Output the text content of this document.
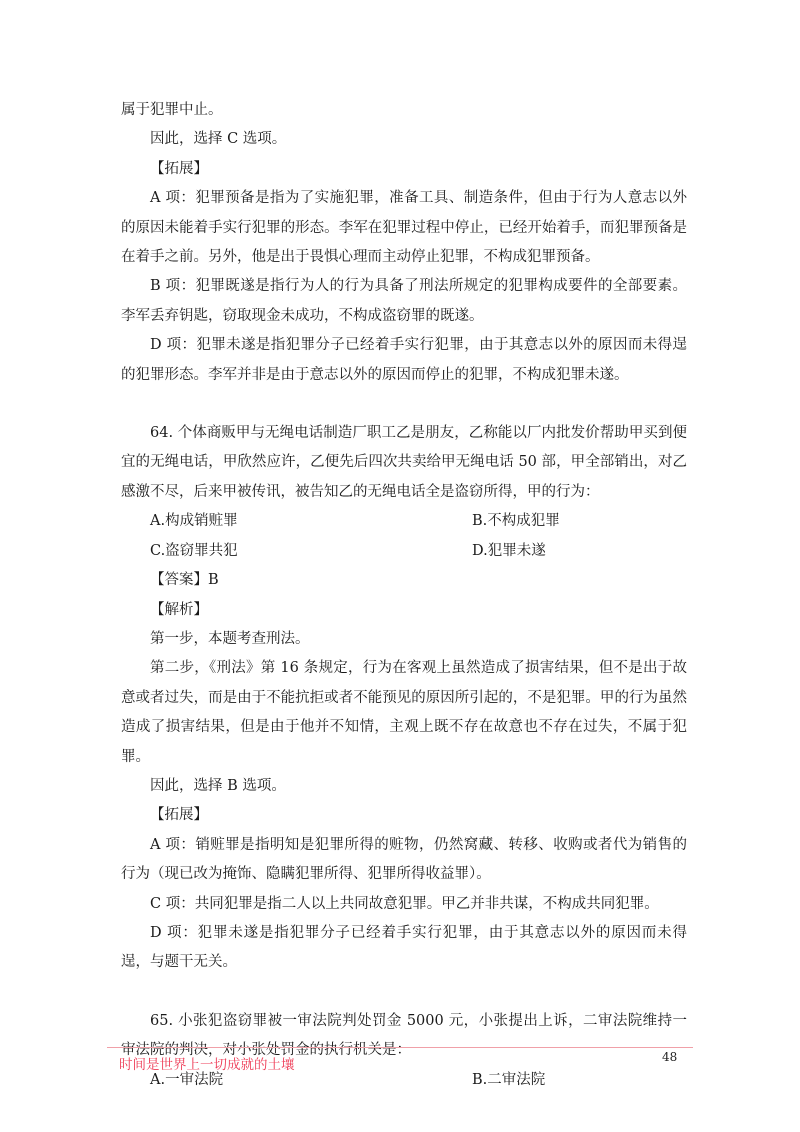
属于犯罪中止。

因此，选择 C 选项。

【拓展】

A 项：犯罪预备是指为了实施犯罪，准备工具、制造条件，但由于行为人意志以外的原因未能着手实行犯罪的形态。李军在犯罪过程中停止，已经开始着手，而犯罪预备是在着手之前。另外，他是出于畏惧心理而主动停止犯罪，不构成犯罪预备。

B 项：犯罪既遂是指行为人的行为具备了刑法所规定的犯罪构成要件的全部要素。李军丢弃钥匙，窃取现金未成功，不构成盗窃罪的既遂。

D 项：犯罪未遂是指犯罪分子已经着手实行犯罪，由于其意志以外的原因而未得逞的犯罪形态。李军并非是由于意志以外的原因而停止的犯罪，不构成犯罪未遂。

64. 个体商贩甲与无绳电话制造厂职工乙是朋友，乙称能以厂内批发价帮助甲买到便宜的无绳电话，甲欣然应许，乙便先后四次共卖给甲无绳电话 50 部，甲全部销出，对乙感激不尽，后来甲被传讯，被告知乙的无绳电话全是盗窃所得，甲的行为：

A.构成销赃罪	B.不构成犯罪
C.盗窃罪共犯	D.犯罪未遂

【答案】B

【解析】

第一步，本题考查刑法。

第二步，《刑法》第 16 条规定，行为在客观上虽然造成了损害结果，但不是出于故意或者过失，而是由于不能抗拒或者不能预见的原因所引起的，不是犯罪。甲的行为虽然造成了损害结果，但是由于他并不知情，主观上既不存在故意也不存在过失，不属于犯罪。

因此，选择 B 选项。

【拓展】

A 项：销赃罪是指明知是犯罪所得的赃物，仍然窝藏、转移、收购或者代为销售的行为（现已改为掩饰、隐瞒犯罪所得、犯罪所得收益罪）。

C 项：共同犯罪是指二人以上共同故意犯罪。甲乙并非共谋，不构成共同犯罪。

D 项：犯罪未遂是指犯罪分子已经着手实行犯罪，由于其意志以外的原因而未得逞，与题干无关。

65. 小张犯盗窃罪被一审法院判处罚金 5000 元，小张提出上诉，二审法院维持一审法院的判决，对小张处罚金的执行机关是：

A.一审法院	B.二审法院
时间是世界上一切成就的土壤	48
